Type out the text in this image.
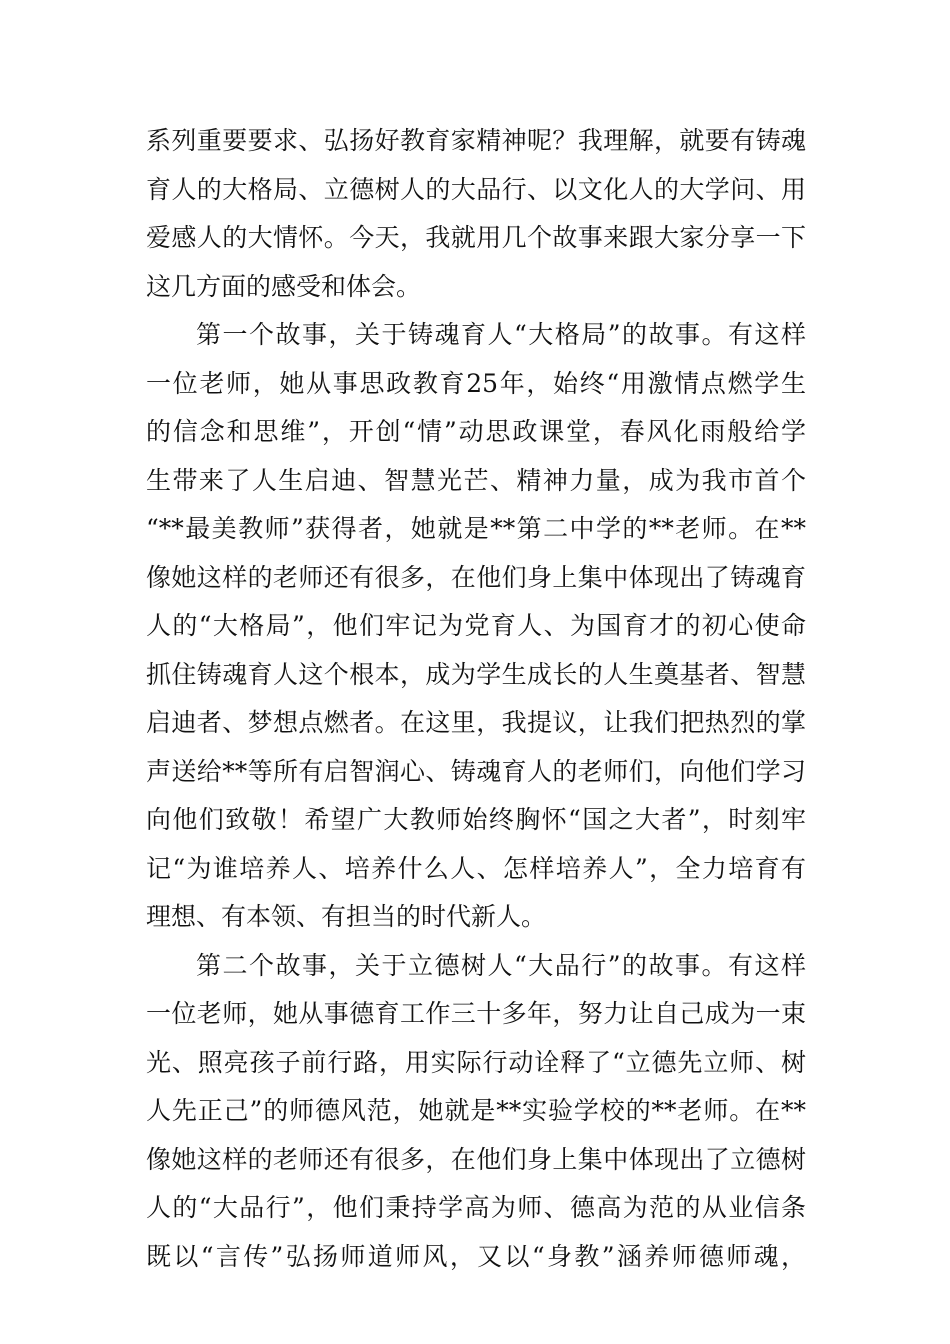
系列重要要求、弘扬好教育家精神呢？我理解，就要有铸魂
育人的大格局、立德树人的大品行、以文化人的大学问、用
爱感人的大情怀。今天，我就用几个故事来跟大家分享一下
这几方面的感受和体会。
第一个故事，关于铸魂育人“大格局”的故事。有这样
一位老师，她从事思政教育25年，始终“用激情点燃学生
的信念和思维”，开创“情”动思政课堂，春风化雨般给学
生带来了人生启迪、智慧光芒、精神力量，成为我市首个
“**最美教师”获得者，她就是**第二中学的**老师。在**
像她这样的老师还有很多，在他们身上集中体现出了铸魂育
人的“大格局”，他们牢记为党育人、为国育才的初心使命
抓住铸魂育人这个根本，成为学生成长的人生奠基者、智慧
启迪者、梦想点燃者。在这里，我提议，让我们把热烈的掌
声送给**等所有启智润心、铸魂育人的老师们，向他们学习
向他们致敬！希望广大教师始终胸怀“国之大者”，时刻牢
记“为谁培养人、培养什么人、怎样培养人”，全力培育有
理想、有本领、有担当的时代新人。
第二个故事，关于立德树人“大品行”的故事。有这样
一位老师，她从事德育工作三十多年，努力让自己成为一束
光、照亮孩子前行路，用实际行动诠释了“立德先立师、树
人先正己”的师德风范，她就是**实验学校的**老师。在**
像她这样的老师还有很多，在他们身上集中体现出了立德树
人的“大品行”，他们秉持学高为师、德高为范的从业信条
既以“言传”弘扬师道师风，又以“身教”涵养师德师魂，
